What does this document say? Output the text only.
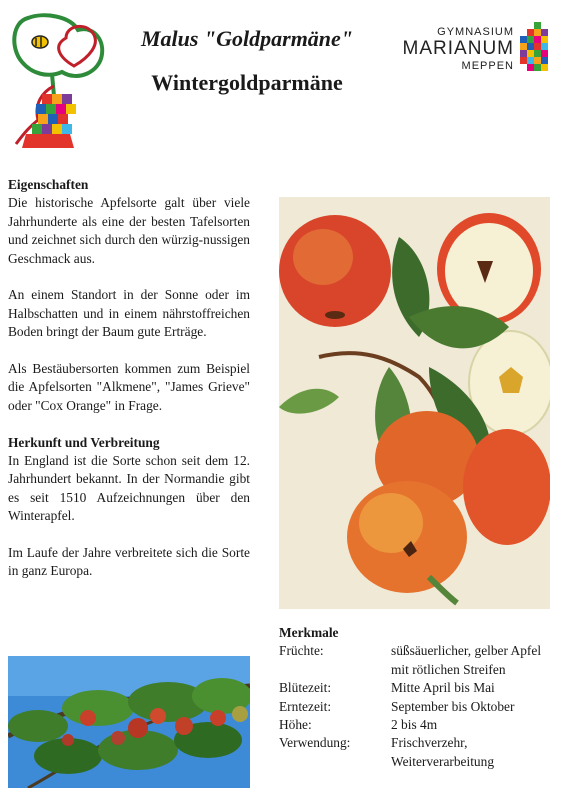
Malus "Goldparmäne"
Wintergoldparmäne
GYMNASIUM
MARIANUM
MEPPEN
Eigenschaften

Die historische Apfelsorte galt über viele Jahrhunderte als eine der besten Tafelsorten und zeichnet sich durch den würzig-nussigen Geschmack aus.

An einem Standort in der Sonne oder im Halbschatten und in einem nährstoffreichen Boden bringt der Baum gute Erträge.

Als Bestäubersorten kommen zum Beispiel die Apfelsorten "Alkmene", "James Grieve" oder "Cox Orange" in Frage.

Herkunft und Verbreitung

In England ist die Sorte schon seit dem 12. Jahrhundert bekannt. In der Normandie gibt es seit 1510 Aufzeichnungen über den Winterapfel.

Im Laufe der Jahre verbreitete sich die Sorte in ganz Europa.

Merkmale
Früchte:	süßsäuerlicher, gelber Apfel mit rötlichen Streifen
Blütezeit:	Mitte April bis Mai
Erntezeit:	September bis Oktober
Höhe:	2 bis 4m
Verwendung:	Frischverzehr, Weiterverarbeitung
